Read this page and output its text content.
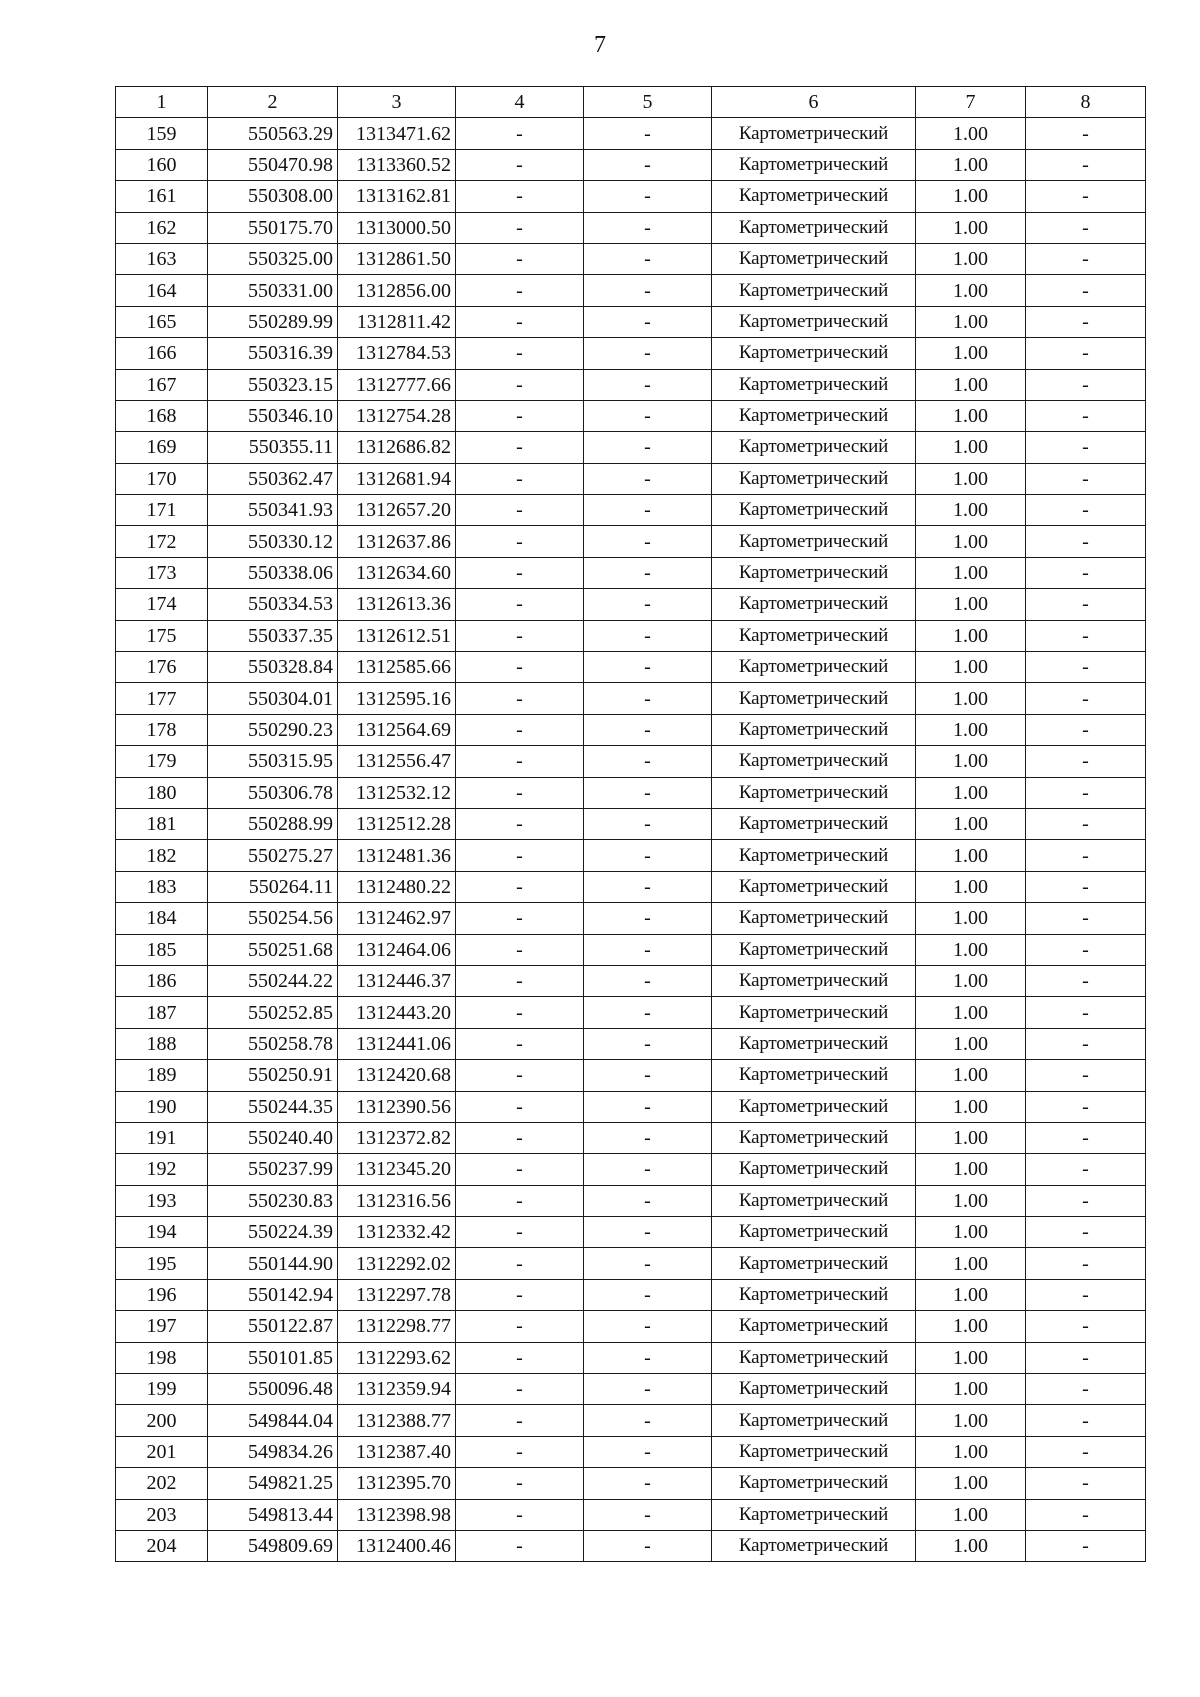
7
1	2	3	4	5	6	7	8
159	550563.29	1313471.62	-	-	Картометрический	1.00	-
160	550470.98	1313360.52	-	-	Картометрический	1.00	-
161	550308.00	1313162.81	-	-	Картометрический	1.00	-
162	550175.70	1313000.50	-	-	Картометрический	1.00	-
163	550325.00	1312861.50	-	-	Картометрический	1.00	-
164	550331.00	1312856.00	-	-	Картометрический	1.00	-
165	550289.99	1312811.42	-	-	Картометрический	1.00	-
166	550316.39	1312784.53	-	-	Картометрический	1.00	-
167	550323.15	1312777.66	-	-	Картометрический	1.00	-
168	550346.10	1312754.28	-	-	Картометрический	1.00	-
169	550355.11	1312686.82	-	-	Картометрический	1.00	-
170	550362.47	1312681.94	-	-	Картометрический	1.00	-
171	550341.93	1312657.20	-	-	Картометрический	1.00	-
172	550330.12	1312637.86	-	-	Картометрический	1.00	-
173	550338.06	1312634.60	-	-	Картометрический	1.00	-
174	550334.53	1312613.36	-	-	Картометрический	1.00	-
175	550337.35	1312612.51	-	-	Картометрический	1.00	-
176	550328.84	1312585.66	-	-	Картометрический	1.00	-
177	550304.01	1312595.16	-	-	Картометрический	1.00	-
178	550290.23	1312564.69	-	-	Картометрический	1.00	-
179	550315.95	1312556.47	-	-	Картометрический	1.00	-
180	550306.78	1312532.12	-	-	Картометрический	1.00	-
181	550288.99	1312512.28	-	-	Картометрический	1.00	-
182	550275.27	1312481.36	-	-	Картометрический	1.00	-
183	550264.11	1312480.22	-	-	Картометрический	1.00	-
184	550254.56	1312462.97	-	-	Картометрический	1.00	-
185	550251.68	1312464.06	-	-	Картометрический	1.00	-
186	550244.22	1312446.37	-	-	Картометрический	1.00	-
187	550252.85	1312443.20	-	-	Картометрический	1.00	-
188	550258.78	1312441.06	-	-	Картометрический	1.00	-
189	550250.91	1312420.68	-	-	Картометрический	1.00	-
190	550244.35	1312390.56	-	-	Картометрический	1.00	-
191	550240.40	1312372.82	-	-	Картометрический	1.00	-
192	550237.99	1312345.20	-	-	Картометрический	1.00	-
193	550230.83	1312316.56	-	-	Картометрический	1.00	-
194	550224.39	1312332.42	-	-	Картометрический	1.00	-
195	550144.90	1312292.02	-	-	Картометрический	1.00	-
196	550142.94	1312297.78	-	-	Картометрический	1.00	-
197	550122.87	1312298.77	-	-	Картометрический	1.00	-
198	550101.85	1312293.62	-	-	Картометрический	1.00	-
199	550096.48	1312359.94	-	-	Картометрический	1.00	-
200	549844.04	1312388.77	-	-	Картометрический	1.00	-
201	549834.26	1312387.40	-	-	Картометрический	1.00	-
202	549821.25	1312395.70	-	-	Картометрический	1.00	-
203	549813.44	1312398.98	-	-	Картометрический	1.00	-
204	549809.69	1312400.46	-	-	Картометрический	1.00	-
